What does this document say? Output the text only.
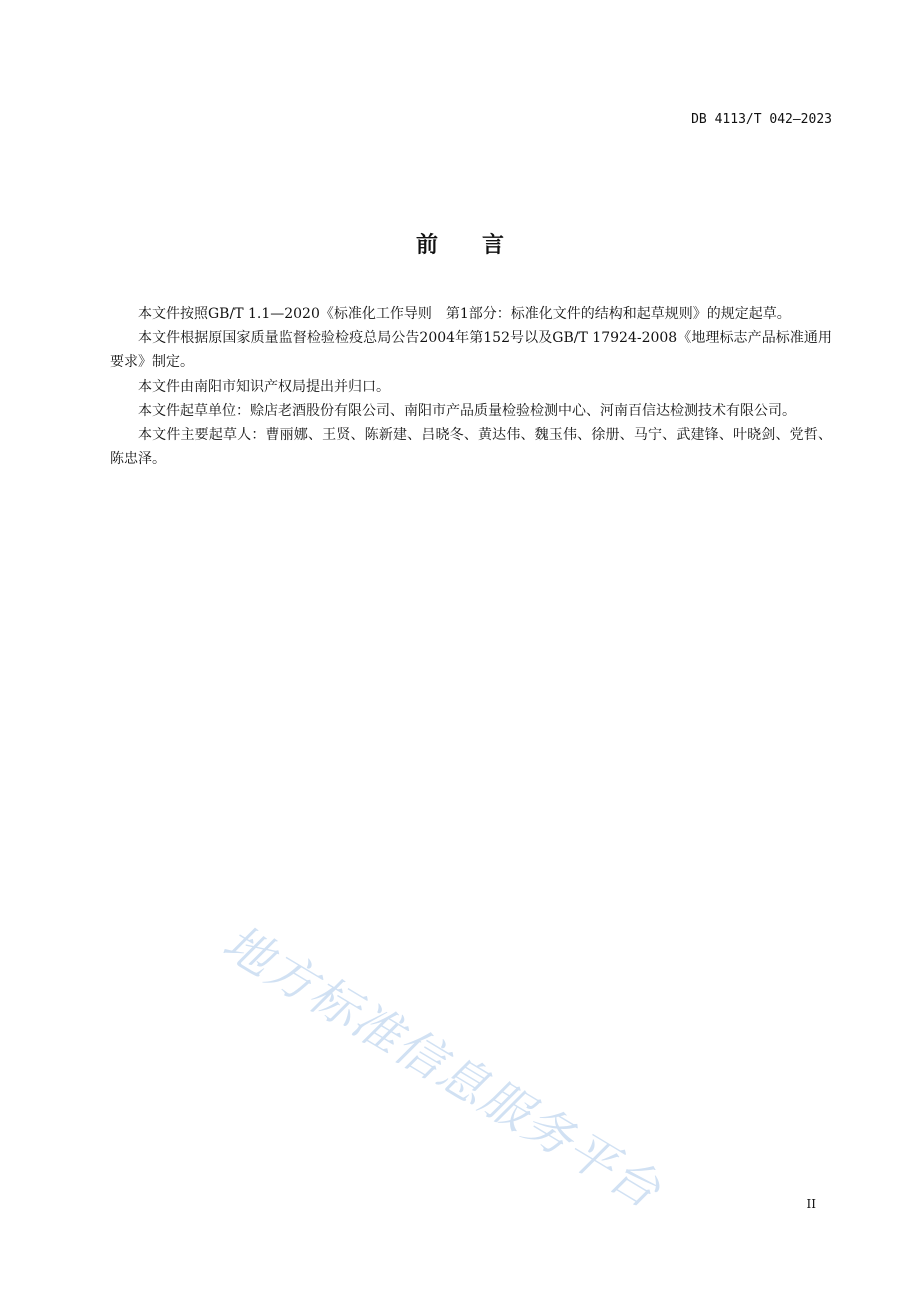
DB 4113/T 042—2023
前　　言

本文件按照GB/T 1.1—2020《标准化工作导则　第1部分：标准化文件的结构和起草规则》的规定起草。

本文件根据原国家质量监督检验检疫总局公告2004年第152号以及GB/T 17924-2008《地理标志产品标准通用要求》制定。

本文件由南阳市知识产权局提出并归口。

本文件起草单位：赊店老酒股份有限公司、南阳市产品质量检验检测中心、河南百信达检测技术有限公司。

本文件主要起草人：曹丽娜、王贤、陈新建、吕晓冬、黄达伟、魏玉伟、徐册、马宁、武建锋、叶晓剑、党哲、陈忠泽。

地方标准信息服务平台	II
